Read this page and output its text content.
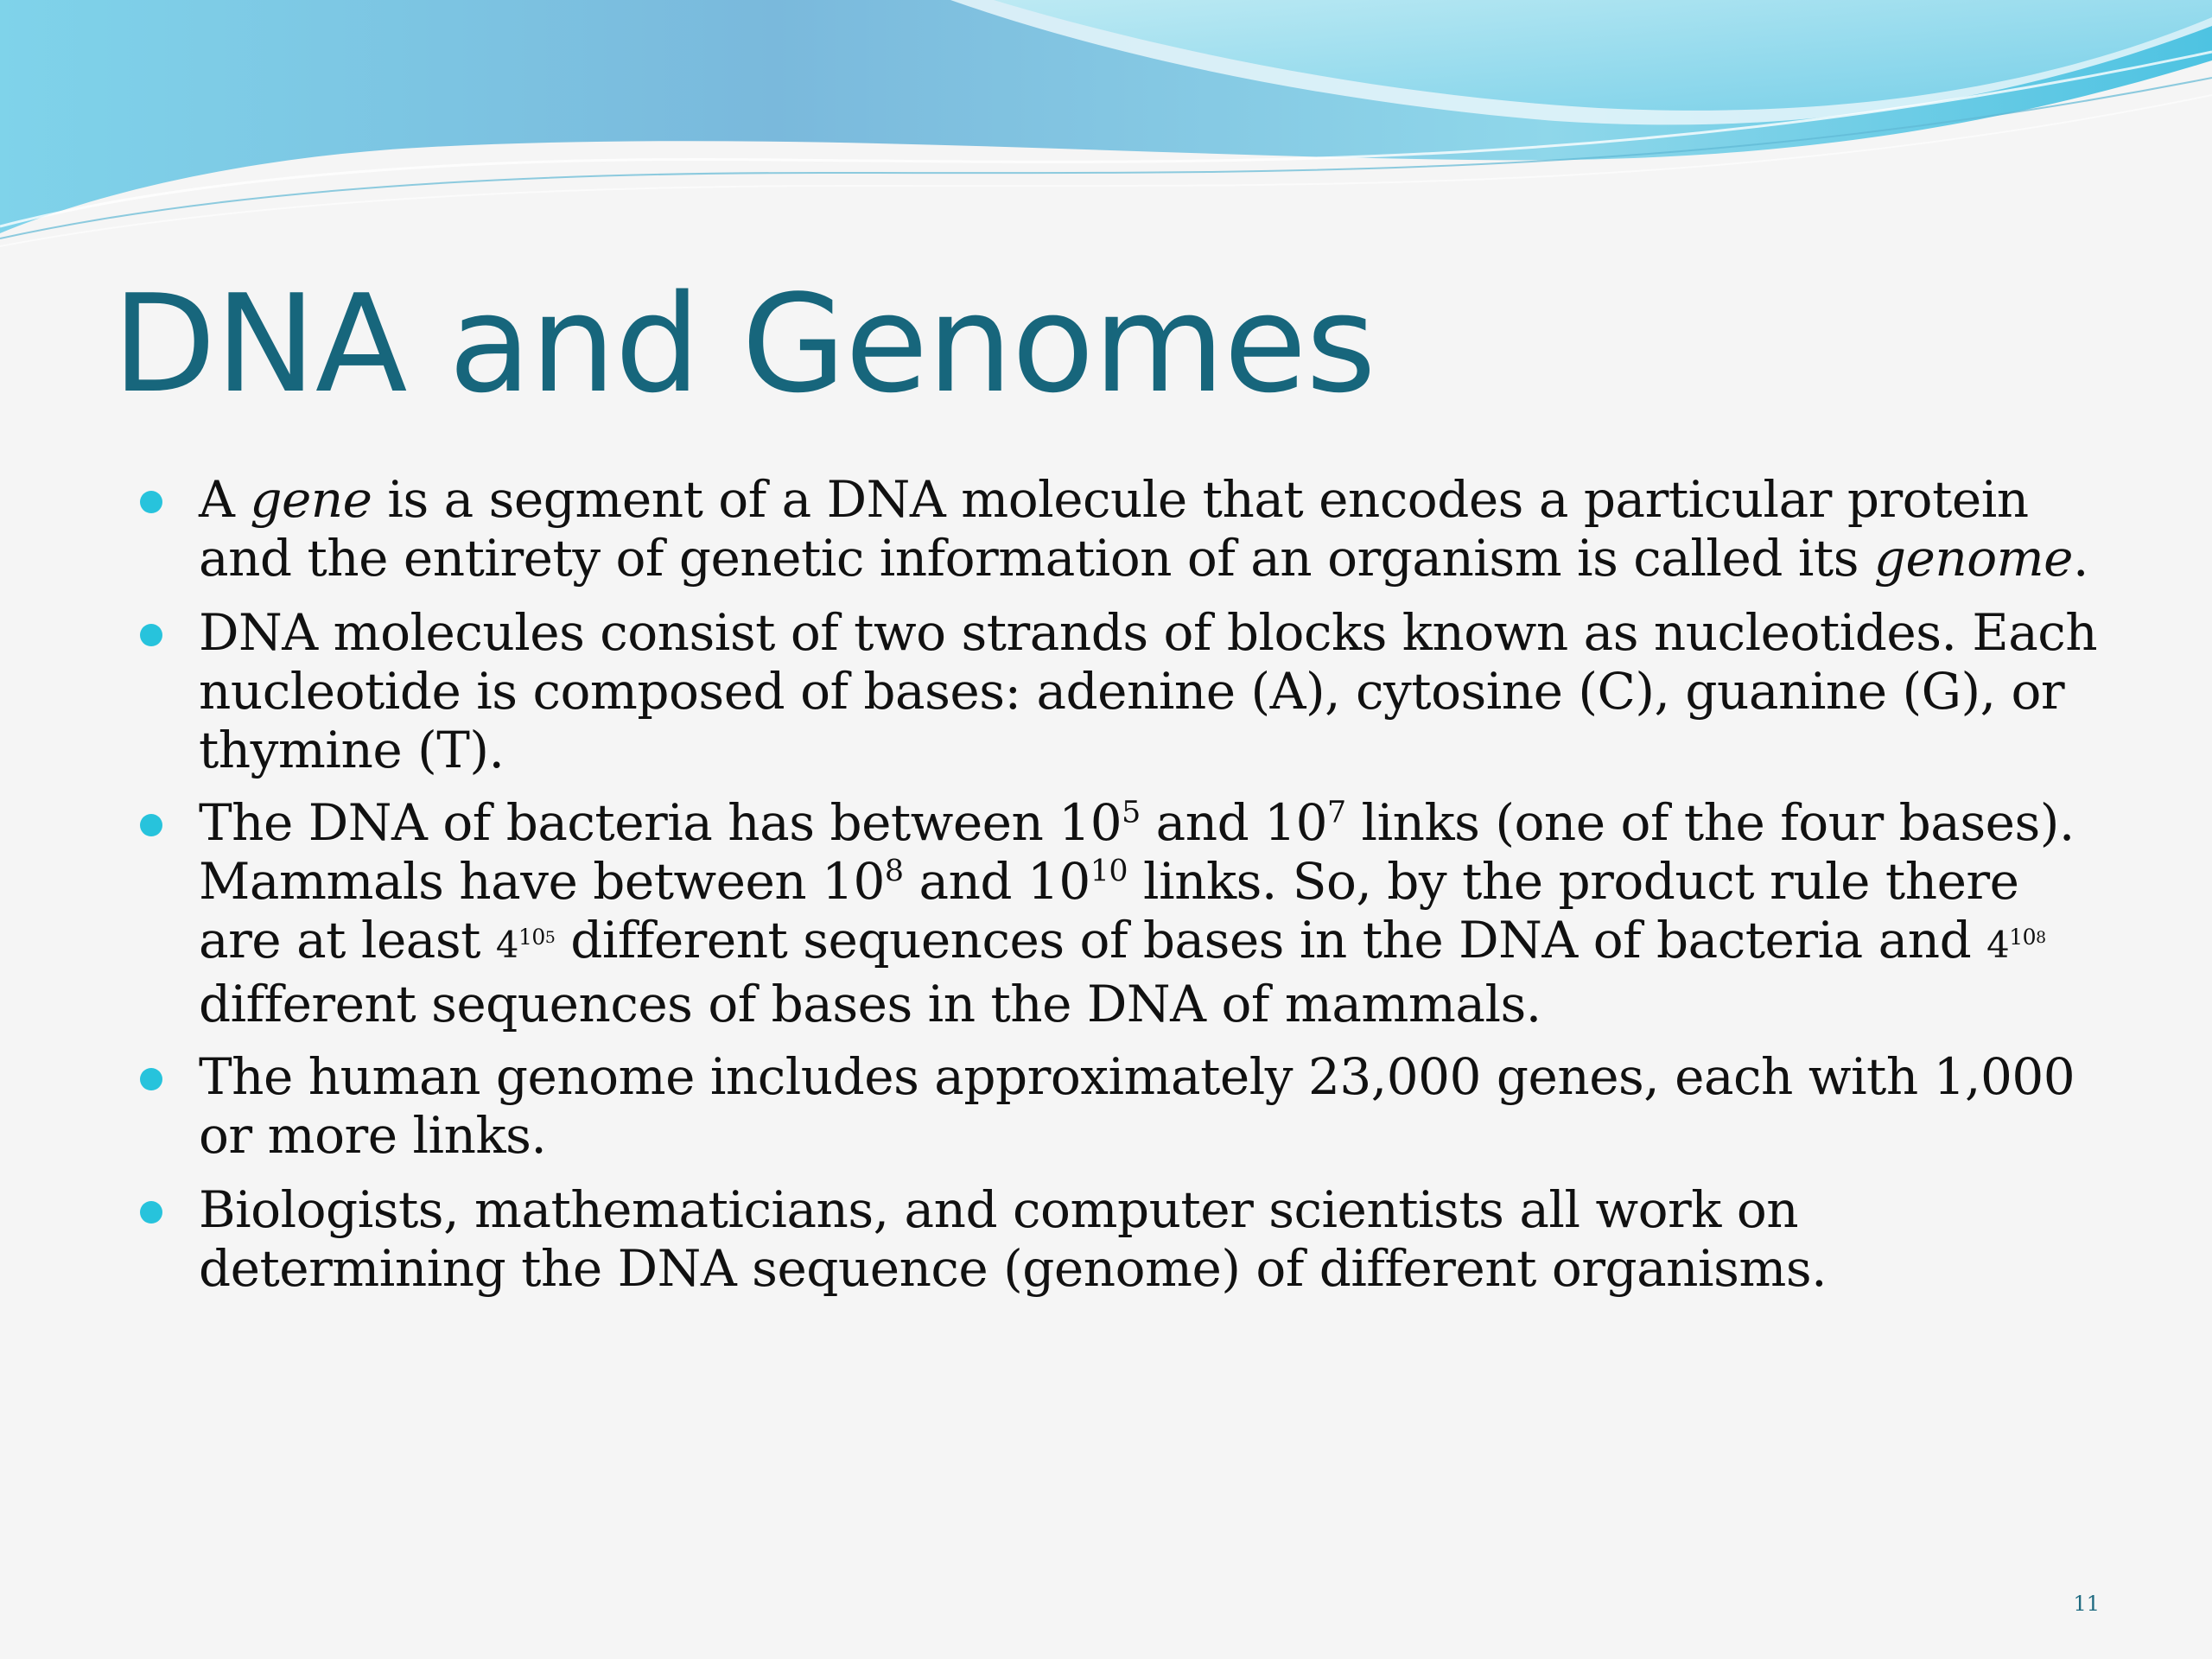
DNA and Genomes
A gene is a segment of a DNA molecule that encodes a particular protein and the entirety of genetic information of an organism is called its genome.
DNA molecules consist of two strands of blocks known as nucleotides. Each nucleotide is composed of bases: adenine (A), cytosine (C), guanine (G), or thymine (T).
The DNA of bacteria has between $10^5$ and $10^7$ links (one of the four bases). Mammals have between $10^8$ and $10^{10}$ links. So, by the product rule there are at least $4^{105}$ different sequences of bases in the DNA of bacteria and $4^{108}$ different sequences of bases in the DNA of mammals.
The human genome includes approximately 23,000 genes, each with 1,000 or more links.
Biologists, mathematicians, and computer scientists all work on determining the DNA sequence (genome) of different organisms.
11
